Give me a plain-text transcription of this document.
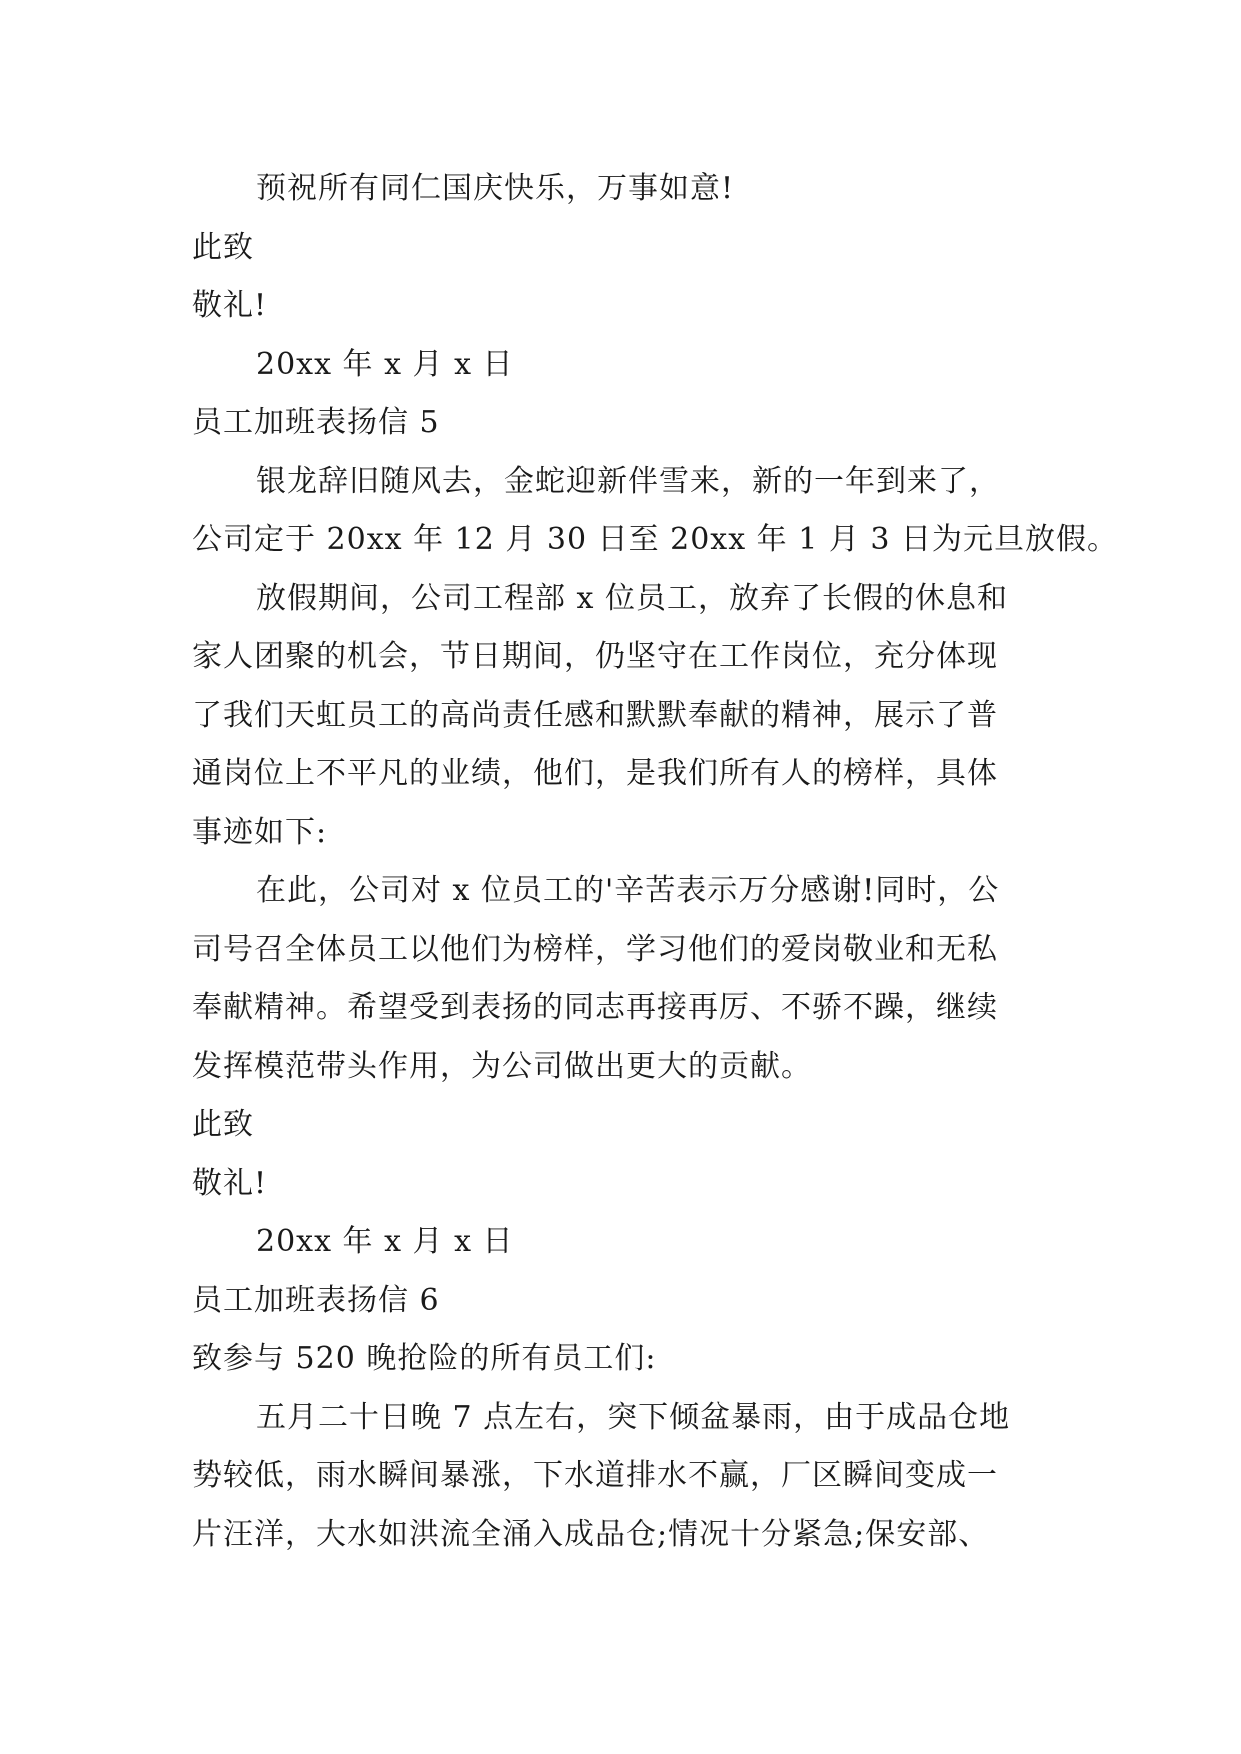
预祝所有同仁国庆快乐，万事如意!
此致
敬礼!
20xx 年 x 月 x 日
员工加班表扬信 5
银龙辞旧随风去，金蛇迎新伴雪来，新的一年到来了，
公司定于 20xx 年 12 月 30 日至 20xx 年 1 月 3 日为元旦放假。
放假期间，公司工程部 x 位员工，放弃了长假的休息和
家人团聚的机会，节日期间，仍坚守在工作岗位，充分体现
了我们天虹员工的高尚责任感和默默奉献的精神，展示了普
通岗位上不平凡的业绩，他们，是我们所有人的榜样，具体
事迹如下:
在此，公司对 x 位员工的'辛苦表示万分感谢!同时，公
司号召全体员工以他们为榜样，学习他们的爱岗敬业和无私
奉献精神。希望受到表扬的同志再接再厉、不骄不躁，继续
发挥模范带头作用，为公司做出更大的贡献。
此致
敬礼!
20xx 年 x 月 x 日
员工加班表扬信 6
致参与 520 晚抢险的所有员工们:
五月二十日晚 7 点左右，突下倾盆暴雨，由于成品仓地
势较低，雨水瞬间暴涨，下水道排水不赢，厂区瞬间变成一
片汪洋，大水如洪流全涌入成品仓;情况十分紧急;保安部、
